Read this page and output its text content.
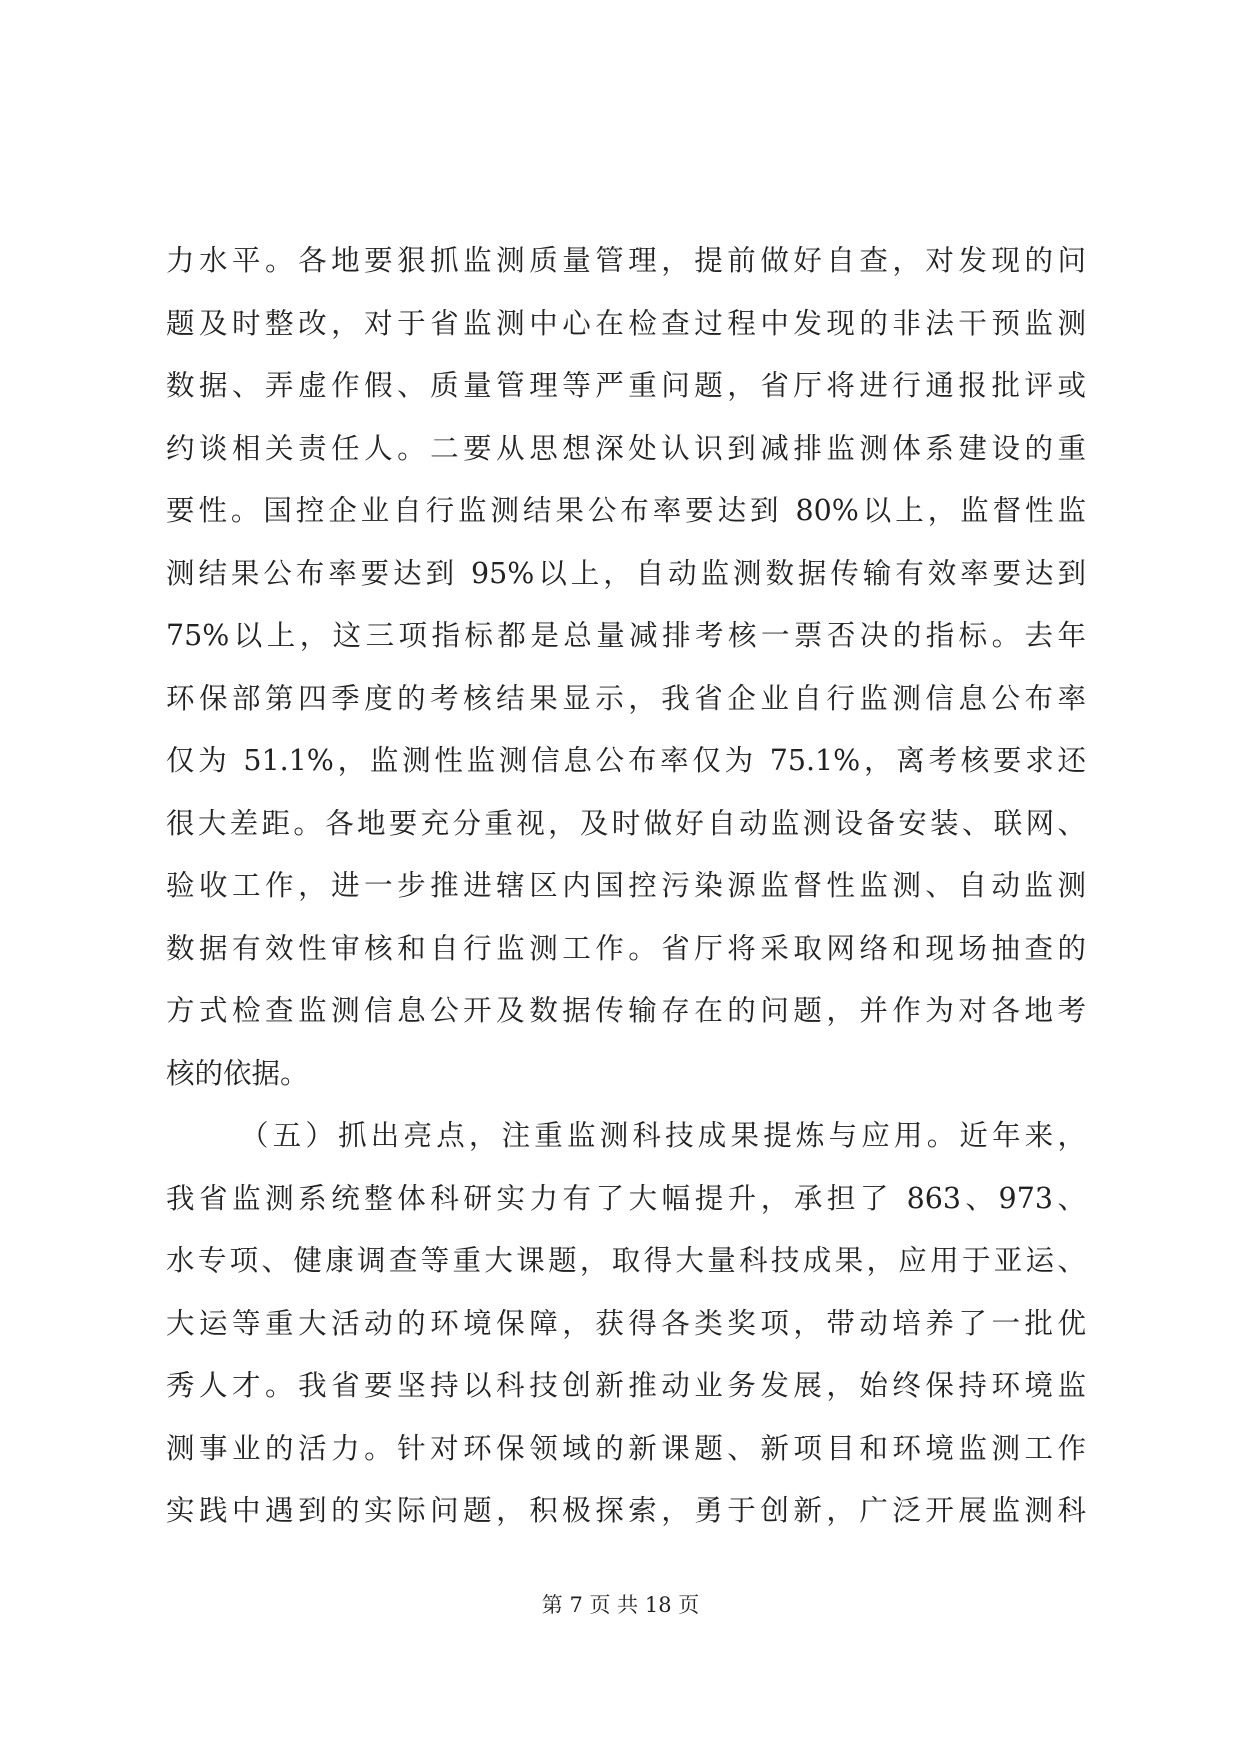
力水平。各地要狠抓监测质量管理，提前做好自查，对发现的问
题及时整改，对于省监测中心在检查过程中发现的非法干预监测
数据、弄虚作假、质量管理等严重问题，省厅将进行通报批评或
约谈相关责任人。二要从思想深处认识到减排监测体系建设的重
要性。国控企业自行监测结果公布率要达到 80%以上，监督性监
测结果公布率要达到 95%以上，自动监测数据传输有效率要达到
75%以上，这三项指标都是总量减排考核一票否决的指标。去年
环保部第四季度的考核结果显示，我省企业自行监测信息公布率
仅为 51.1%，监测性监测信息公布率仅为 75.1%，离考核要求还
很大差距。各地要充分重视，及时做好自动监测设备安装、联网、
验收工作，进一步推进辖区内国控污染源监督性监测、自动监测
数据有效性审核和自行监测工作。省厅将采取网络和现场抽查的
方式检查监测信息公开及数据传输存在的问题，并作为对各地考
核的依据。
（五）抓出亮点，注重监测科技成果提炼与应用。近年来，
我省监测系统整体科研实力有了大幅提升，承担了 863、973、
水专项、健康调查等重大课题，取得大量科技成果，应用于亚运、
大运等重大活动的环境保障，获得各类奖项，带动培养了一批优
秀人才。我省要坚持以科技创新推动业务发展，始终保持环境监
测事业的活力。针对环保领域的新课题、新项目和环境监测工作
实践中遇到的实际问题，积极探索，勇于创新，广泛开展监测科
第 7 页 共 18 页
